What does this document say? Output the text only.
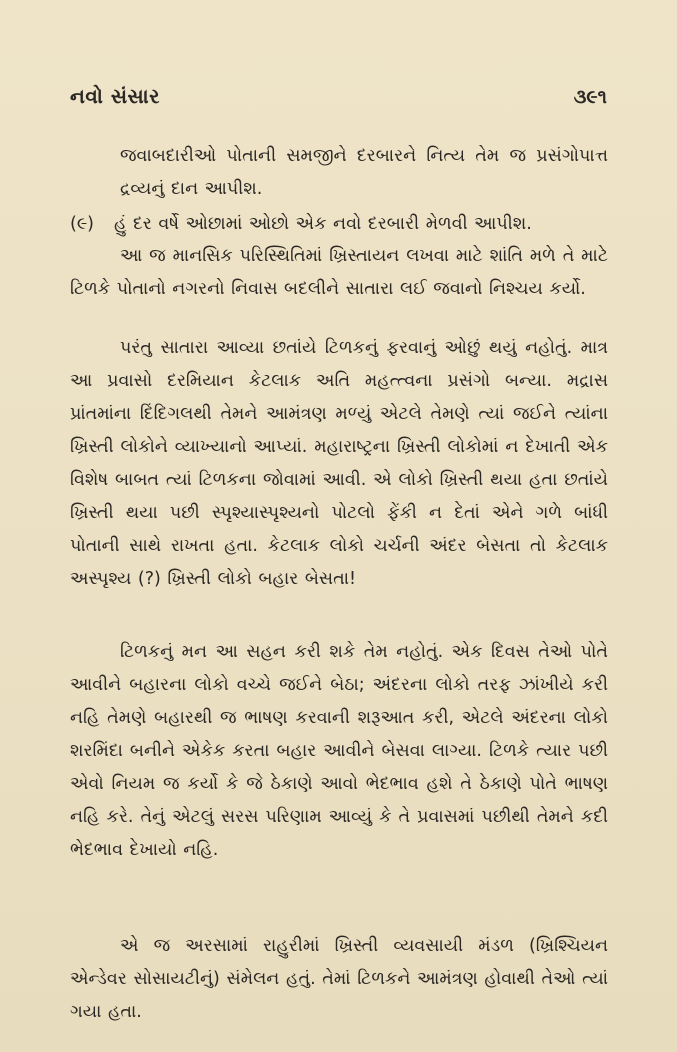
નવો સંસાર	૩૯૧
જવાબદારીઓ પોતાની સમજીને દરબારને નિત્ય તેમ જ પ્રસંગોપાત્ત દ્રવ્યનું દાન આપીશ.
(૯) હું દર વર્ષે ઓછામાં ઓછો એક નવો દરબારી મેળવી આપીશ.
આ જ માનસિક પરિસ્થિતિમાં ખ્રિસ્તાયન લખવા માટે શાંતિ મળે તે માટે ટિળકે પોતાનો નગરનો નિવાસ બદલીને સાતારા લઈ જવાનો નિશ્ચય કર્યો.
પરંતુ સાતારા આવ્યા છતાંયે ટિળકનું ફરવાનું ઓછું થયું નહોતું. માત્ર આ પ્રવાસો દરમિયાન કેટલાક અતિ મહત્ત્વના પ્રસંગો બન્યા. મદ્રાસ પ્રાંતમાંના દિંદિગલથી તેમને આમંત્રણ મળ્યું એટલે તેમણે ત્યાં જઈને ત્યાંના ખ્રિસ્તી લોકોને વ્યાખ્યાનો આપ્યાં. મહારાષ્ટ્રના ખ્રિસ્તી લોકોમાં ન દેખાતી એક વિશેષ બાબત ત્યાં ટિળકના જોવામાં આવી. એ લોકો ખ્રિસ્તી થયા હતા છતાંયે ખ્રિસ્તી થયા પછી સ્પૃશ્યાસ્પૃશ્યનો પોટલો ફેંકી ન દેતાં એને ગળે બાંધી પોતાની સાથે રાખતા હતા. કેટલાક લોકો ચર્ચની અંદર બેસતા તો કેટલાક અસ્પૃશ્ય (?) ખ્રિસ્તી લોકો બહાર બેસતા!
ટિળકનું મન આ સહન કરી શકે તેમ નહોતું. એક દિવસ તેઓ પોતે આવીને બહારના લોકો વચ્ચે જઈને બેઠા; અંદરના લોકો તરફ ઝાંખીયે કરી નહિ તેમણે બહારથી જ ભાષણ કરવાની શરૂઆત કરી, એટલે અંદરના લોકો શરમિંદા બનીને એકેક કરતા બહાર આવીને બેસવા લાગ્યા. ટિળકે ત્યાર પછી એવો નિયમ જ કર્યો કે જે ઠેકાણે આવો ભેદભાવ હશે તે ઠેકાણે પોતે ભાષણ નહિ કરે. તેનું એટલું સરસ પરિણામ આવ્યું કે તે પ્રવાસમાં પછીથી તેમને કદી ભેદભાવ દેખાયો નહિ.
એ જ અરસામાં રાહુરીમાં ખ્રિસ્તી વ્યવસાયી મંડળ (ખ્રિશ્ચિયન એન્ડેવર સોસાયટીનું) સંમેલન હતું. તેમાં ટિળકને આમંત્રણ હોવાથી તેઓ ત્યાં ગયા હતા.
